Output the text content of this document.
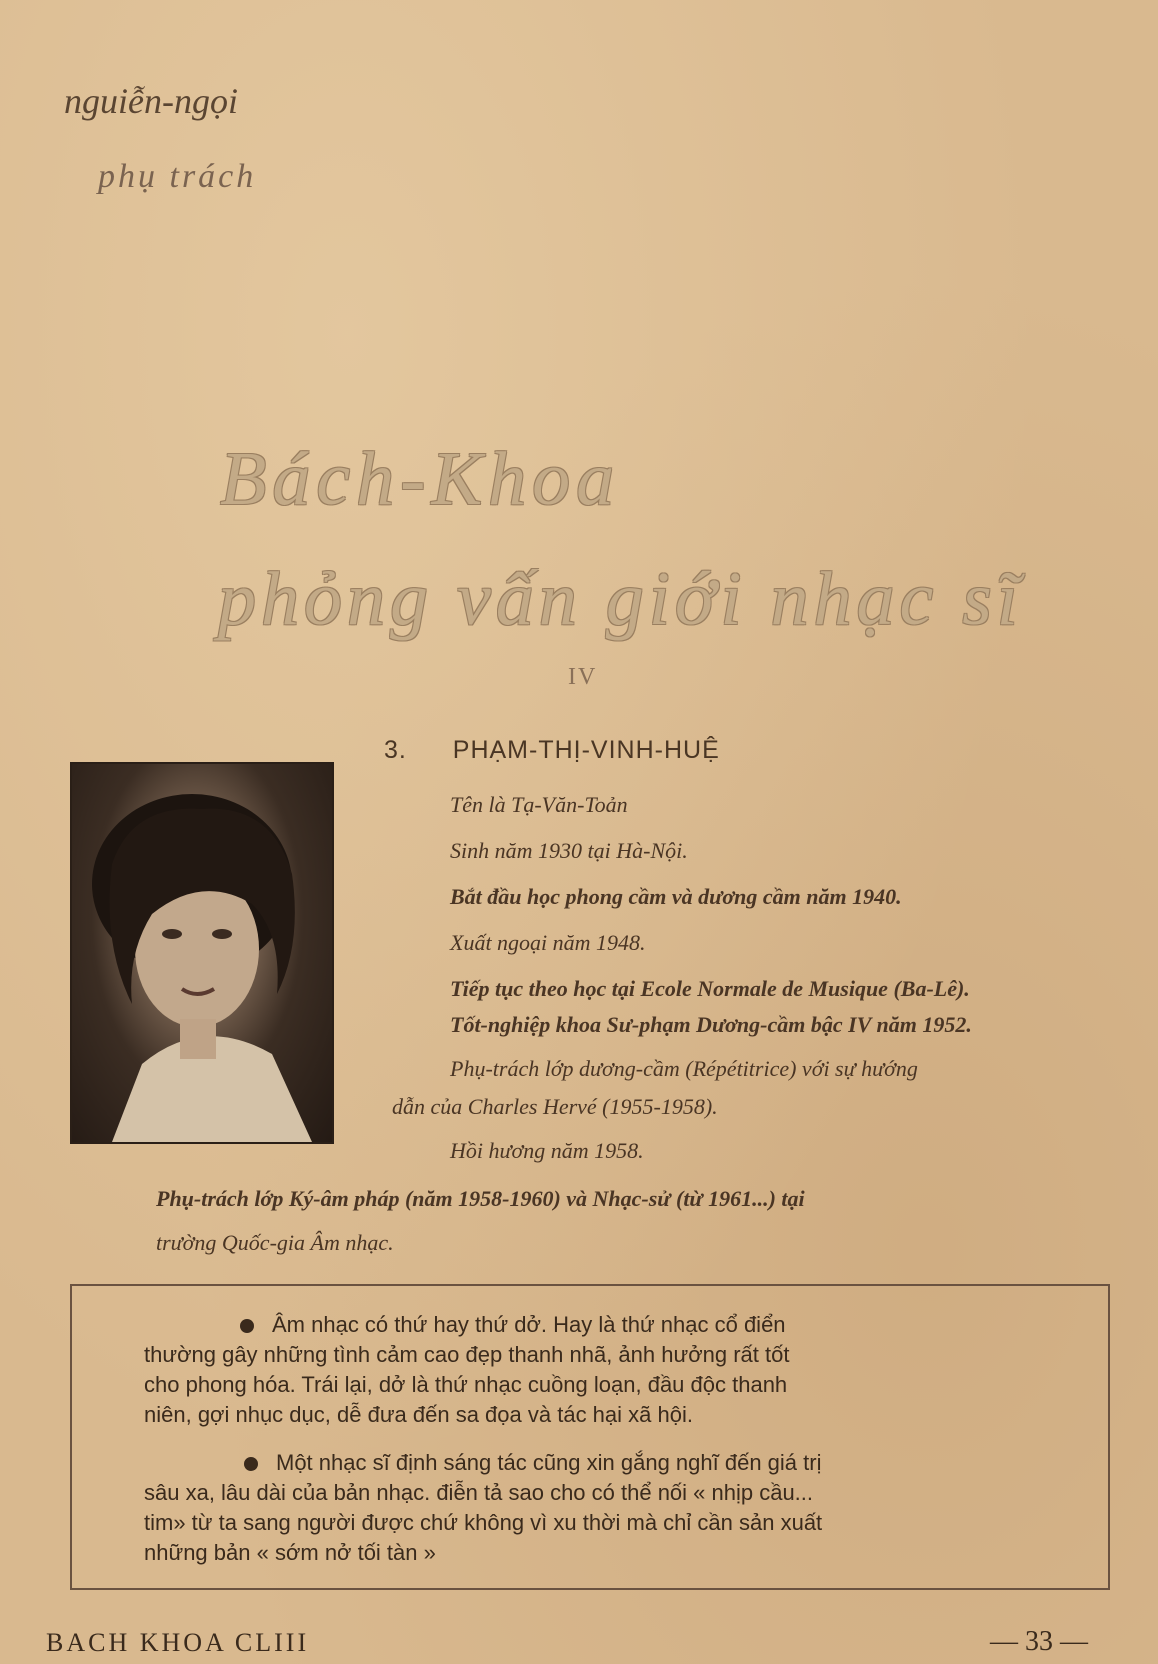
nguiễn-ngọi
phụ trách
Bách-Khoa
phỏng vấn giới nhạc sĩ
IV
3. PHẠM-THỊ-VINH-HUỆ
Tên là Tạ-Văn-Toản
Sinh năm 1930 tại Hà-Nội.
Bắt đầu học phong cầm và dương cầm năm 1940.
Xuất ngoại năm 1948.
Tiếp tục theo học tại Ecole Normale de Musique (Ba-Lê).
Tốt-nghiệp khoa Sư-phạm Dương-cầm bậc IV năm 1952.
Phụ-trách lớp dương-cầm (Répétitrice) với sự hướng
dẫn của Charles Hervé (1955-1958).
Hồi hương năm 1958.
Phụ-trách lớp Ký-âm pháp (năm 1958-1960) và Nhạc-sử (từ 1961...) tại
trường Quốc-gia Âm nhạc.
Âm nhạc có thứ hay thứ dở. Hay là thứ nhạc cổ điển
thường gây những tình cảm cao đẹp thanh nhã, ảnh hưởng rất tốt
cho phong hóa. Trái lại, dở là thứ nhạc cuồng loạn, đầu độc thanh
niên, gợi nhục dục, dễ đưa đến sa đọa và tác hại xã hội.
Một nhạc sĩ định sáng tác cũng xin gắng nghĩ đến giá trị
sâu xa, lâu dài của bản nhạc. điễn tả sao cho có thể nối « nhịp cầu...
tim» từ ta sang người được chứ không vì xu thời mà chỉ cần sản xuất
những bản « sớm nở tối tàn »
BACH KHOA CLIII	— 33 —
